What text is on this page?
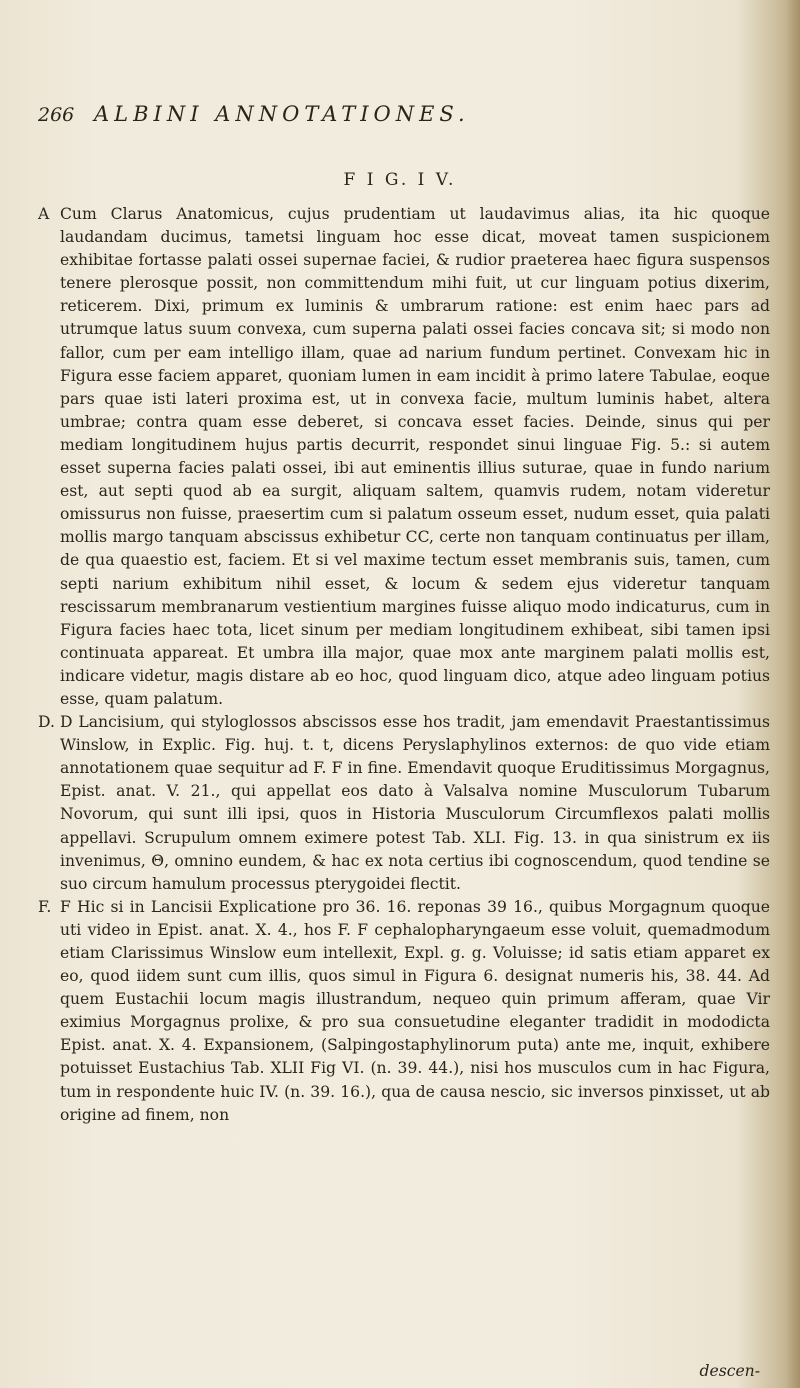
266 ALBINI ANNOTATIONES.
F I G. I V.

A Cum Clarus Anatomicus, cujus prudentiam ut laudavimus alias, ita hic quoque laudandam ducimus, tametsi linguam hoc esse dicat, moveat tamen suspicionem exhibitae fortasse palati ossei supernae faciei, & rudior praeterea haec figura suspensos tenere plerosque possit, non committendum mihi fuit, ut cur linguam potius dixerim, reticerem. Dixi, primum ex luminis & umbrarum ratione: est enim haec pars ad utrumque latus suum convexa, cum superna palati ossei facies concava sit; si modo non fallor, cum per eam intelligo illam, quae ad narium fundum pertinet. Convexam hic in Figura esse faciem apparet, quoniam lumen in eam incidit à primo latere Tabulae, eoque pars quae isti lateri proxima est, ut in convexa facie, multum luminis habet, altera umbrae; contra quam esse deberet, si concava esset facies. Deinde, sinus qui per mediam longitudinem hujus partis decurrit, respondet sinui linguae Fig. 5.: si autem esset superna facies palati ossei, ibi aut eminentis illius suturae, quae in fundo narium est, aut septi quod ab ea surgit, aliquam saltem, quamvis rudem, notam videretur omissurus non fuisse, praesertim cum si palatum osseum esset, nudum esset, quia palati mollis margo tanquam abscissus exhibetur CC, certe non tanquam continuatus per illam, de qua quaestio est, faciem. Et si vel maxime tectum esset membranis suis, tamen, cum septi narium exhibitum nihil esset, & locum & sedem ejus videretur tanquam rescissarum membranarum vestientium margines fuisse aliquo modo indicaturus, cum in Figura facies haec tota, licet sinum per mediam longitudinem exhibeat, sibi tamen ipsi continuata appareat. Et umbra illa major, quae mox ante marginem palati mollis est, indicare videtur, magis distare ab eo hoc, quod linguam dico, atque adeo linguam potius esse, quam palatum.

D. D Lancisium, qui styloglossos abscissos esse hos tradit, jam emendavit Praestantissimus Winslow, in Explic. Fig. huj. t. t, dicens Peryslaphylinos externos: de quo vide etiam annotationem quae sequitur ad F. F in fine. Emendavit quoque Eruditissimus Morgagnus, Epist. anat. V. 21., qui appellat eos dato à Valsalva nomine Musculorum Tubarum Novorum, qui sunt illi ipsi, quos in Historia Musculorum Circumflexos palati mollis appellavi. Scrupulum omnem eximere potest Tab. XLI. Fig. 13. in qua sinistrum ex iis invenimus, Θ, omnino eundem, & hac ex nota certius ibi cognoscendum, quod tendine se suo circum hamulum processus pterygoidei flectit.

F. F Hic si in Lancisii Explicatione pro 36. 16. reponas 39 16., quibus Morgagnum quoque uti video in Epist. anat. X. 4., hos F. F cephalopharyngaeum esse voluit, quemadmodum etiam Clarissimus Winslow eum intellexit, Expl. g. g. Voluisse; id satis etiam apparet ex eo, quod iidem sunt cum illis, quos simul in Figura 6. designat numeris his, 38. 44. Ad quem Eustachii locum magis illustrandum, nequeo quin primum afferam, quae Vir eximius Morgagnus prolixe, & pro sua consuetudine eleganter tradidit in mododicta Epist. anat. X. 4. Expansionem, (Salpingostaphylinorum puta) ante me, inquit, exhibere potuisset Eustachius Tab. XLII Fig VI. (n. 39. 44.), nisi hos musculos cum in hac Figura, tum in respondente huic IV. (n. 39. 16.), qua de causa nescio, sic inversos pinxisset, ut ab origine ad finem, non

descen-
